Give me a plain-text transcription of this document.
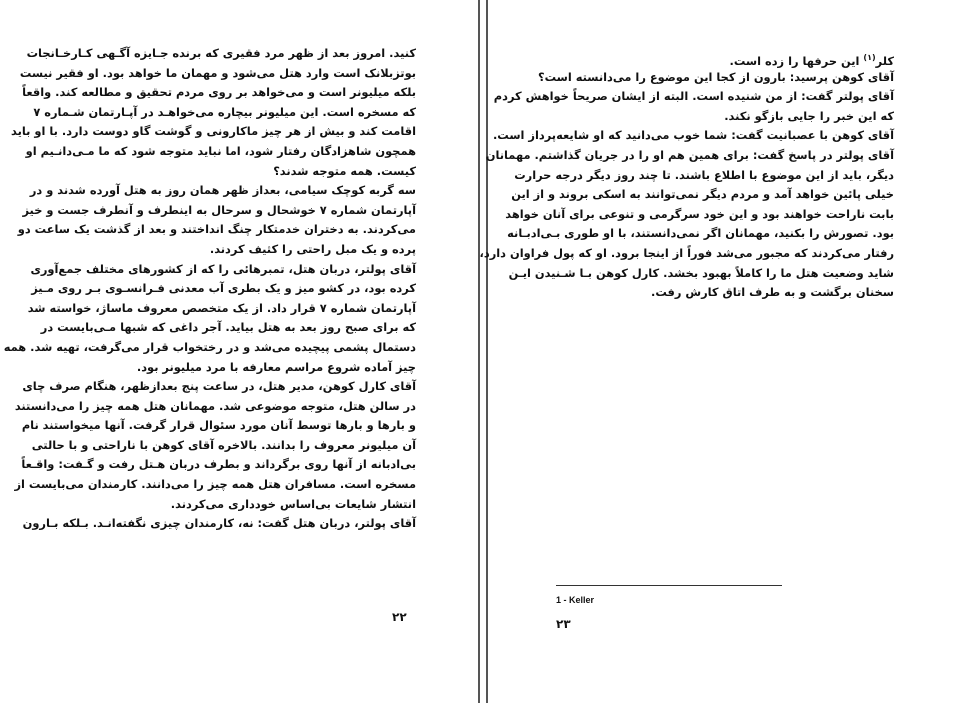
کنید. امروز بعد از ظهر مرد فقیری که برنده جـایزه آگـهی کـارخـانجات
بوتزبلانک است وارد هتل می‌شود و مهمان ما خواهد بود. او فقیر نیست
بلکه میلیونر است و می‌خواهد بر روی مردم تحقیق و مطالعه کند. واقعاً
که مسخره است. این میلیونر بیچاره می‌خواهـد در آپـارتمان شـماره ۷
اقامت کند و بیش از هر چیز ماکارونی و گوشت گاو دوست دارد. با او باید
همچون شاهزادگان رفتار شود، اما نباید متوجه شود که ما مـی‌دانـیم او
کیست. همه متوجه شدند؟
سه گربه کوچک سیامی، بعداز ظهر همان روز به هتل آورده شدند و در
آپارتمان شماره ۷ خوشحال و سرحال به اینطرف و آنطرف جست و خیز
می‌کردند. به دختران خدمتکار چنگ انداختند و بعد از گذشت یک ساعت دو
پرده و یک مبل راحتی را کثیف کردند.
آقای پولتر، دربان هتل، تمبرهائی را که از کشورهای مختلف جمع‌آوری
کرده بود، در کشو میز و یک بطری آب معدنی فـرانسـوی بـر روی مـیز
آپارتمان شماره ۷ قرار داد. از یک متخصص معروف ماساژ، خواسته شد
که برای صبح روز بعد به هتل بیاید. آجر داغی که شبها مـی‌بایست در
دستمال پشمی پیچیده می‌شد و در رختخواب قرار می‌گرفت، تهیه شد. همه
چیز آماده شروع مراسم معارفه با مرد میلیونر بود.
آقای کارل کوهن، مدیر هتل، در ساعت پنج بعدازظهر، هنگام صرف چای
در سالن هتل، متوجه موضوعی شد. مهمانان هتل همه چیز را می‌دانستند
و بارها و بارها توسط آنان مورد سئوال قرار گرفت. آنها میخواستند نام
آن میلیونر معروف را بدانند. بالاخره آقای کوهن با ناراحتی و با حالتی
بی‌ادبانه از آنها روی برگرداند و بطرف دربان هـتل رفت و گـفت: واقـعاً
مسخره است. مسافران هتل همه چیز را می‌دانند. کارمندان می‌بایست از
انتشار شایعات بی‌اساس خودداری می‌کردند.
آقای پولتر، دربان هتل گفت: نه، کارمندان چیزی نگفته‌انـد. بـلکه بـارون
۲۲
کلر$^{(۱)}$ این حرفها را زده است.
آقای کوهن پرسید: بارون از کجا این موضوع را می‌دانسته است؟
آقای پولتر گفت: از من شنیده است. البته از ایشان صریحاً خواهش کردم
که این خبر را جایی بازگو نکند.
آقای کوهن با عصبانیت گفت: شما خوب می‌دانید که او شایعه‌پرداز است.
آقای پولتر در پاسخ گفت: برای همین هم او را در جریان گذاشتم. مهمانان
دیگر، باید از این موضوع با اطلاع باشند. تا چند روز دیگر درجه حرارت
خیلی پائین خواهد آمد و مردم دیگر نمی‌توانند به اسکی بروند و از این
بابت ناراحت خواهند بود و این خود سرگرمی و تنوعی برای آنان خواهد
بود. تصورش را بکنید، مهمانان اگر نمی‌دانستند، با او طوری بـی‌ادبـانه
رفتار می‌کردند که مجبور می‌شد فوراً از اینجا برود. او که پول فراوان دارد،
شاید وضعیت هتل ما را کاملاً بهبود بخشد. کارل کوهن بـا شـنیدن ایـن
سخنان برگشت و به طرف اتاق کارش رفت.
1 - Keller
۲۳
